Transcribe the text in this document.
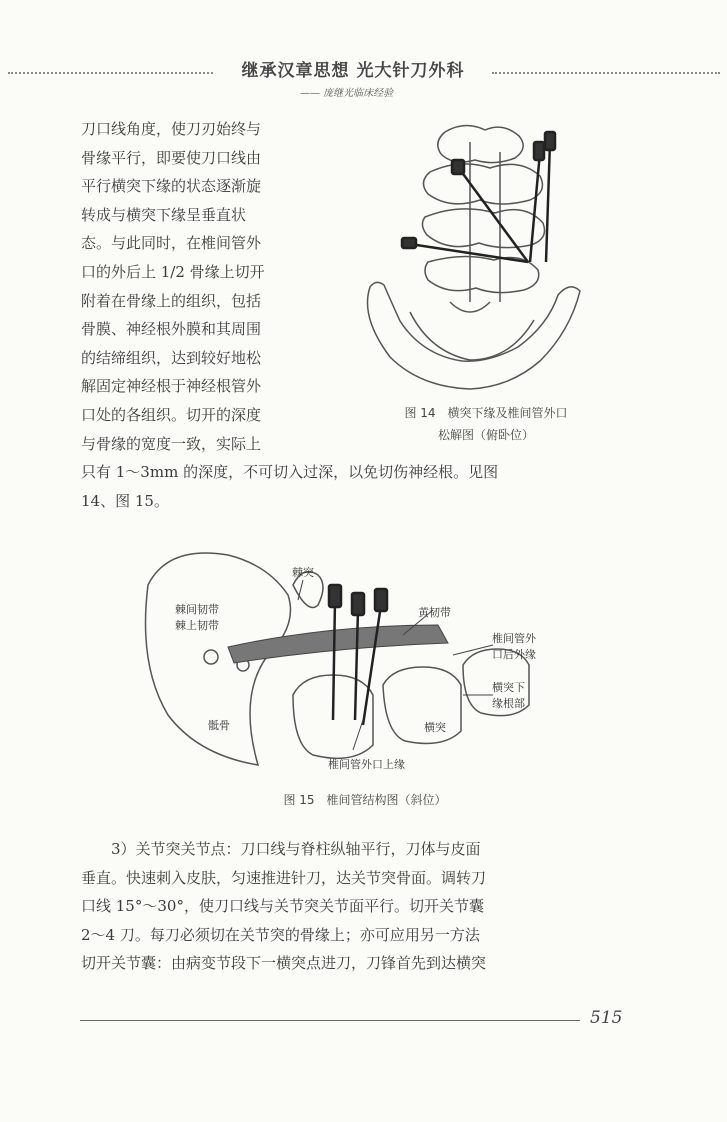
继承汉章思想 光大针刀外科
—— 庞继光临床经验
刀口线角度，使刀刃始终与
骨缘平行，即要使刀口线由
平行横突下缘的状态逐渐旋
转成与横突下缘呈垂直状
态。与此同时，在椎间管外
口的外后上 1/2 骨缘上切开
附着在骨缘上的组织，包括
骨膜、神经根外膜和其周围
的结缔组织，达到较好地松
解固定神经根于神经根管外
口处的各组织。切开的深度
与骨缘的宽度一致，实际上
图 14　横突下缘及椎间管外口
松解图（俯卧位）
只有 1～3mm 的深度，不可切入过深，以免切伤神经根。见图
14、图 15。
棘突
棘间韧带
棘上韧带
黄韧带
椎间管外
口后外缘
横突下
缘根部
骶骨	横突
椎间管外口上缘
图 15　椎间管结构图（斜位）
3）关节突关节点：刀口线与脊柱纵轴平行，刀体与皮面
垂直。快速刺入皮肤，匀速推进针刀，达关节突骨面。调转刀
口线 15°～30°，使刀口线与关节突关节面平行。切开关节囊
2～4 刀。每刀必须切在关节突的骨缘上；亦可应用另一方法
切开关节囊：由病变节段下一横突点进刀，刀锋首先到达横突
515
